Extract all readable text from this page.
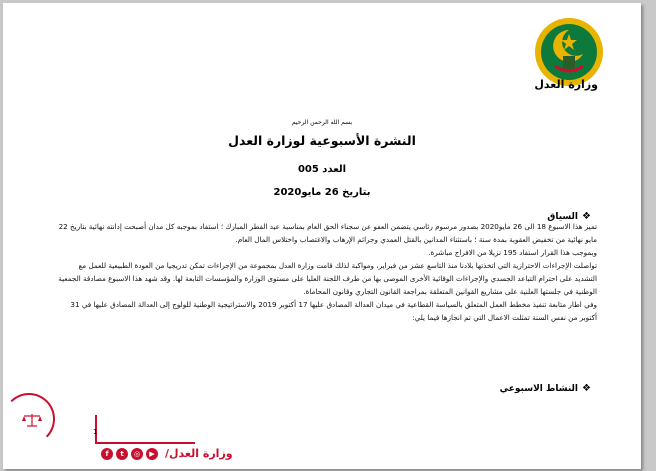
وزارة العدل
بسم الله الرحمن الرحيم
النشرة الأسبوعية لوزارة العدل
العدد 005
بتاريخ 26 مايو2020
❖السياق

تميز هذا الاسبوع 18 الى 26 مايو2020 بصدور مرسوم رئاسي يتضمن العفو عن سجناء الحق العام بمناسبة عيد الفطر المبارك ؛ استفاد بموجبه كل مدان أصبحت إدانته نهائية بتاريخ 22 مايو نهائية من تخفيض العقوبة بمدة سنة ؛ باستثناء المدانين بالقتل العمدي وجرائم الإرهاب والاغتصاب واختلاس المال العام.

وبموجب هذا القرار استفاد 195 نزيلا من الافراج مباشرة.

تواصلت الإجراءات الاحترازية التي اتخذتها بلادنا منذ التاسع عشر من فبراير، ومواكبة لذلك قامت وزارة العدل بمجموعة من الإجراءات تمكن تدريجيا من العودة الطبيعية للعمل مع التشديد على احترام التباعد الجسدي والإجراءات الوقائية الأخرى الموصى بها من طرف اللجنة العليا على مستوى الوزارة والمؤسسات التابعة لها. وقد شهد هذا الاسبوع مصادقة الجمعية الوطنية في جلستها العلنية على مشاريع القوانين المتعلقة بمراجعة القانون التجاري وقانون المحاماة.

وفي اطار متابعة تنفيذ مخطط العمل المتعلق بالسياسة القطاعية في ميدان العدالة المصادق عليها 17 أكتوبر 2019 والاستراتيجية الوطنية للولوج إلى العدالة المصادق عليها في 31 أكتوبر من نفس السنة تمثلت الاعمال التي تم انجازها فيما يلي:

❖النشاط الاسبوعي
1
f	t	◎	▶ وزارة العدل/
